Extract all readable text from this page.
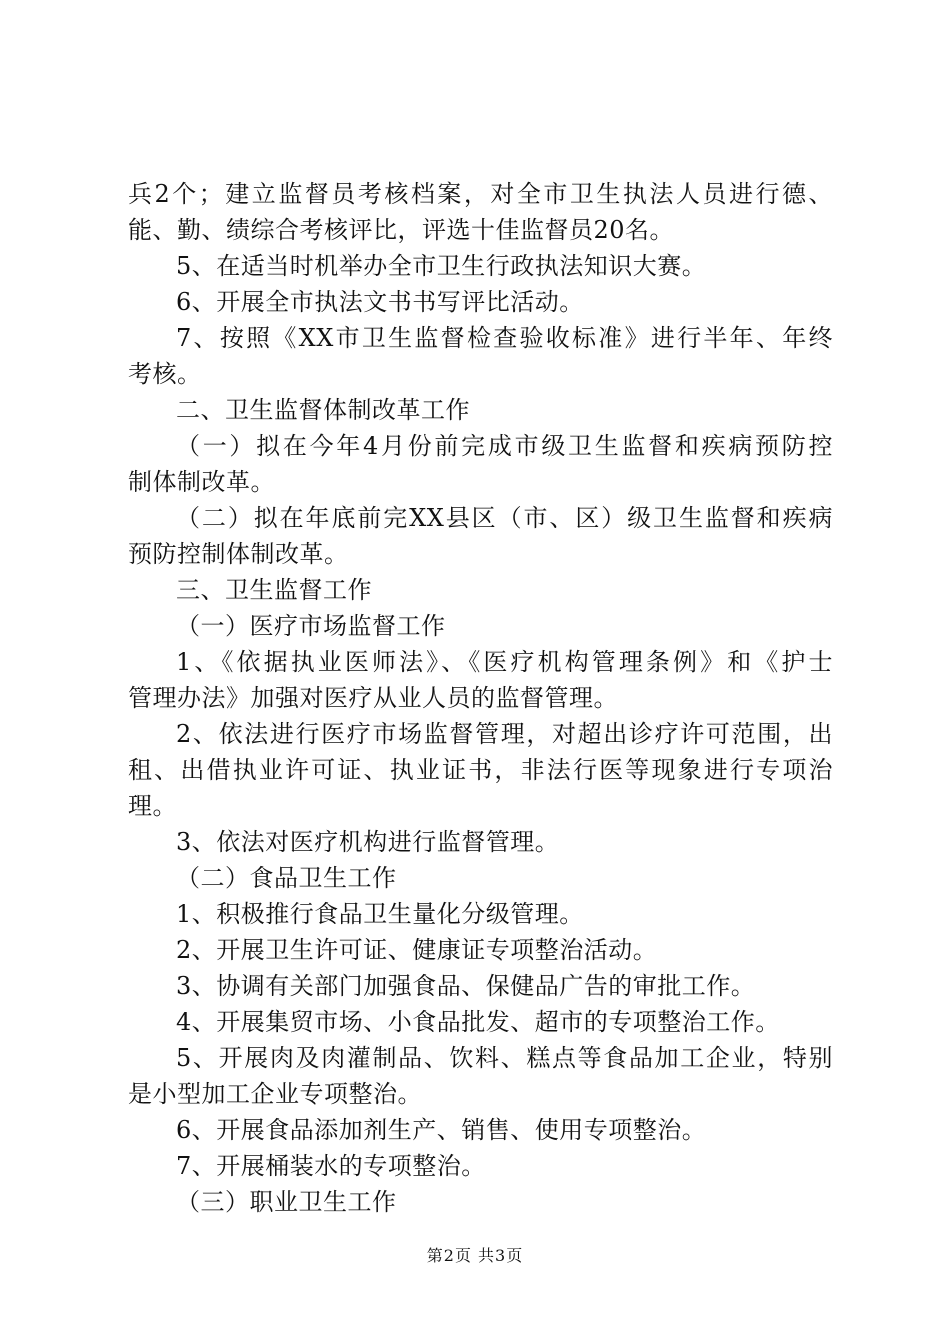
兵2个；建立监督员考核档案，对全市卫生执法人员进行德、
能、勤、绩综合考核评比，评选十佳监督员20名。
5、在适当时机举办全市卫生行政执法知识大赛。
6、开展全市执法文书书写评比活动。
7、按照《XX市卫生监督检查验收标准》进行半年、年终
考核。
二、卫生监督体制改革工作
（一）拟在今年4月份前完成市级卫生监督和疾病预防控
制体制改革。
（二）拟在年底前完XX县区（市、区）级卫生监督和疾病
预防控制体制改革。
三、卫生监督工作
（一）医疗市场监督工作
1、《依据执业医师法》、《医疗机构管理条例》和《护士
管理办法》加强对医疗从业人员的监督管理。
2、依法进行医疗市场监督管理，对超出诊疗许可范围，出
租、出借执业许可证、执业证书，非法行医等现象进行专项治
理。
3、依法对医疗机构进行监督管理。
（二）食品卫生工作
1、积极推行食品卫生量化分级管理。
2、开展卫生许可证、健康证专项整治活动。
3、协调有关部门加强食品、保健品广告的审批工作。
4、开展集贸市场、小食品批发、超市的专项整治工作。
5、开展肉及肉灌制品、饮料、糕点等食品加工企业，特别
是小型加工企业专项整治。
6、开展食品添加剂生产、销售、使用专项整治。
7、开展桶装水的专项整治。
（三）职业卫生工作
第2页 共3页
